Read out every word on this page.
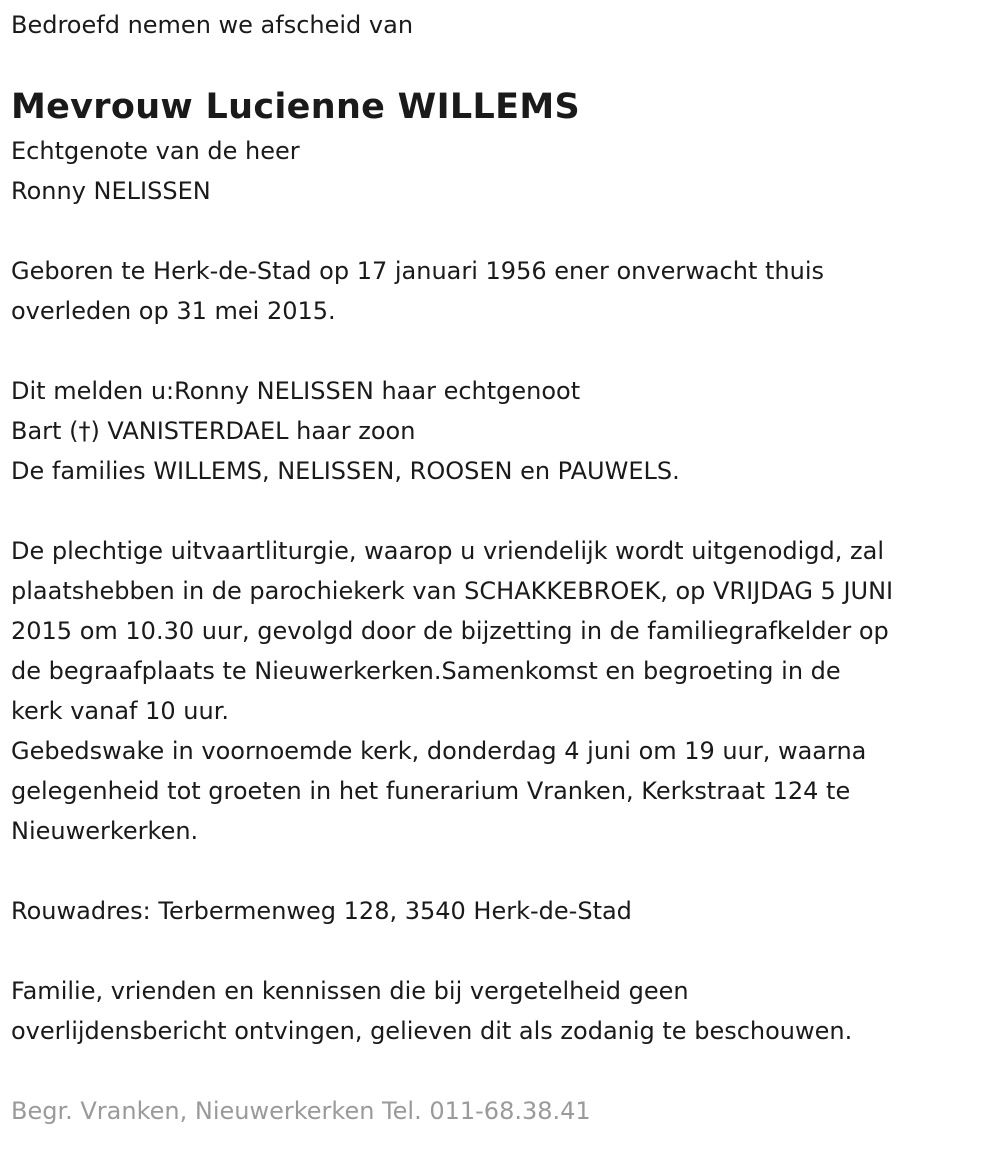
Bedroefd nemen we afscheid van

Mevrouw Lucienne WILLEMS

Echtgenote van de heer

Ronny NELISSEN

Geboren te Herk-de-Stad op 17 januari 1956 ener onverwacht thuis

overleden op 31 mei 2015.

Dit melden u:Ronny NELISSEN haar echtgenoot

Bart (†) VANISTERDAEL haar zoon

De families WILLEMS, NELISSEN, ROOSEN en PAUWELS.

De plechtige uitvaartliturgie, waarop u vriendelijk wordt uitgenodigd, zal

plaatshebben in de parochiekerk van SCHAKKEBROEK, op VRIJDAG 5 JUNI

2015 om 10.30 uur, gevolgd door de bijzetting in de familiegrafkelder op

de begraafplaats te Nieuwerkerken.Samenkomst en begroeting in de

kerk vanaf 10 uur.

Gebedswake in voornoemde kerk, donderdag 4 juni om 19 uur, waarna

gelegenheid tot groeten in het funerarium Vranken, Kerkstraat 124 te

Nieuwerkerken.

Rouwadres: Terbermenweg 128, 3540 Herk-de-Stad

Familie, vrienden en kennissen die bij vergetelheid geen

overlijdensbericht ontvingen, gelieven dit als zodanig te beschouwen.

Begr. Vranken, Nieuwerkerken Tel. 011-68.38.41
